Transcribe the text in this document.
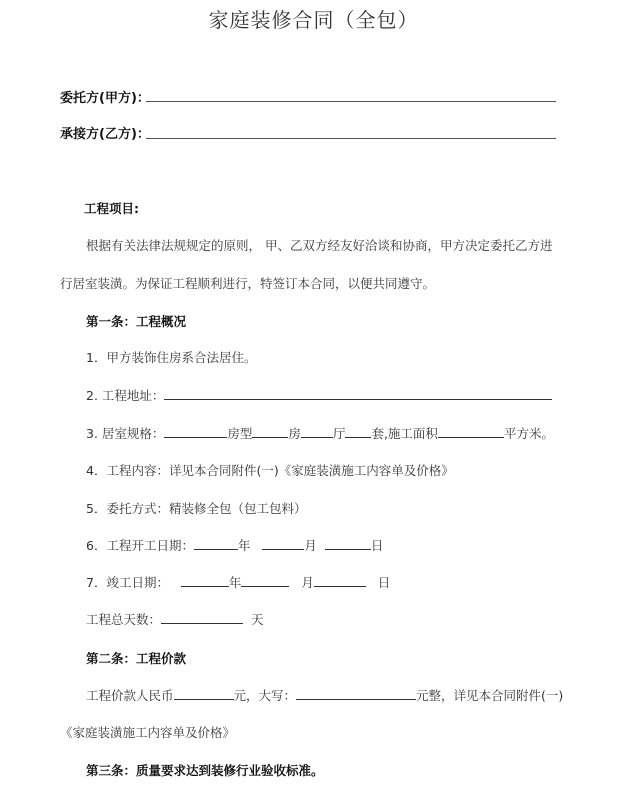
家庭装修合同（全包）
委托方(甲方)：
承接方(乙方)：
工程项目:
根据有关法律法规规定的原则， 甲、乙双方经友好洽谈和协商，甲方决定委托乙方进
行居室装潢。为保证工程顺利进行，特签订本合同，以便共同遵守。
第一条：工程概况
1．甲方装饰住房系合法居住。
2. 工程地址：
3. 居室规格：	房型	房	厅 套,施工面积	平方米。
4．工程内容：详见本合同附件(一)《家庭装潢施工内容单及价格》
5．委托方式：精装修全包（包工包料）
6．工程开工日期：	年	月	日
7．竣工日期：	年	月	日
工程总天数：	天
第二条：工程价款
工程价款人民币	元，大写：	元整，详见本合同附件(一)
《家庭装潢施工内容单及价格》
第三条：质量要求达到装修行业验收标准。
